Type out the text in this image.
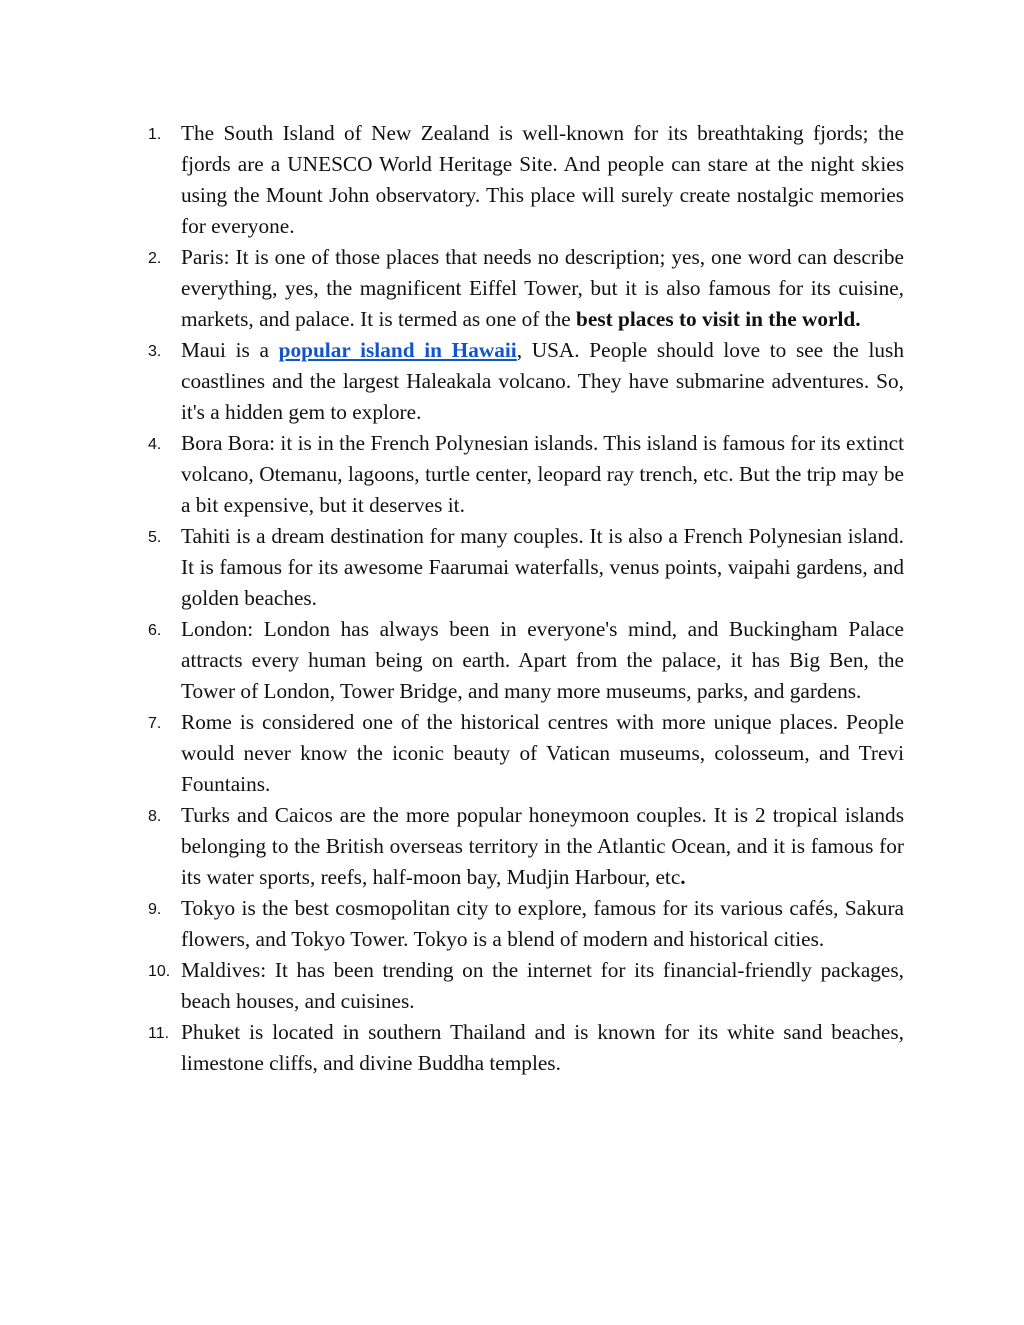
1. The South Island of New Zealand is well-known for its breathtaking fjords; the fjords are a UNESCO World Heritage Site. And people can stare at the night skies using the Mount John observatory. This place will surely create nostalgic memories for everyone.
2. Paris: It is one of those places that needs no description; yes, one word can describe everything, yes, the magnificent Eiffel Tower, but it is also famous for its cuisine, markets, and palace. It is termed as one of the best places to visit in the world.
3. Maui is a popular island in Hawaii, USA. People should love to see the lush coastlines and the largest Haleakala volcano. They have submarine adventures. So, it's a hidden gem to explore.
4. Bora Bora: it is in the French Polynesian islands. This island is famous for its extinct volcano, Otemanu, lagoons, turtle center, leopard ray trench, etc. But the trip may be a bit expensive, but it deserves it.
5. Tahiti is a dream destination for many couples. It is also a French Polynesian island. It is famous for its awesome Faarumai waterfalls, venus points, vaipahi gardens, and golden beaches.
6. London: London has always been in everyone's mind, and Buckingham Palace attracts every human being on earth. Apart from the palace, it has Big Ben, the Tower of London, Tower Bridge, and many more museums, parks, and gardens.
7. Rome is considered one of the historical centres with more unique places. People would never know the iconic beauty of Vatican museums, colosseum, and Trevi Fountains.
8. Turks and Caicos are the more popular honeymoon couples. It is 2 tropical islands belonging to the British overseas territory in the Atlantic Ocean, and it is famous for its water sports, reefs, half-moon bay, Mudjin Harbour, etc.
9. Tokyo is the best cosmopolitan city to explore, famous for its various cafés, Sakura flowers, and Tokyo Tower. Tokyo is a blend of modern and historical cities.
10. Maldives: It has been trending on the internet for its financial-friendly packages, beach houses, and cuisines.
11. Phuket is located in southern Thailand and is known for its white sand beaches, limestone cliffs, and divine Buddha temples.
